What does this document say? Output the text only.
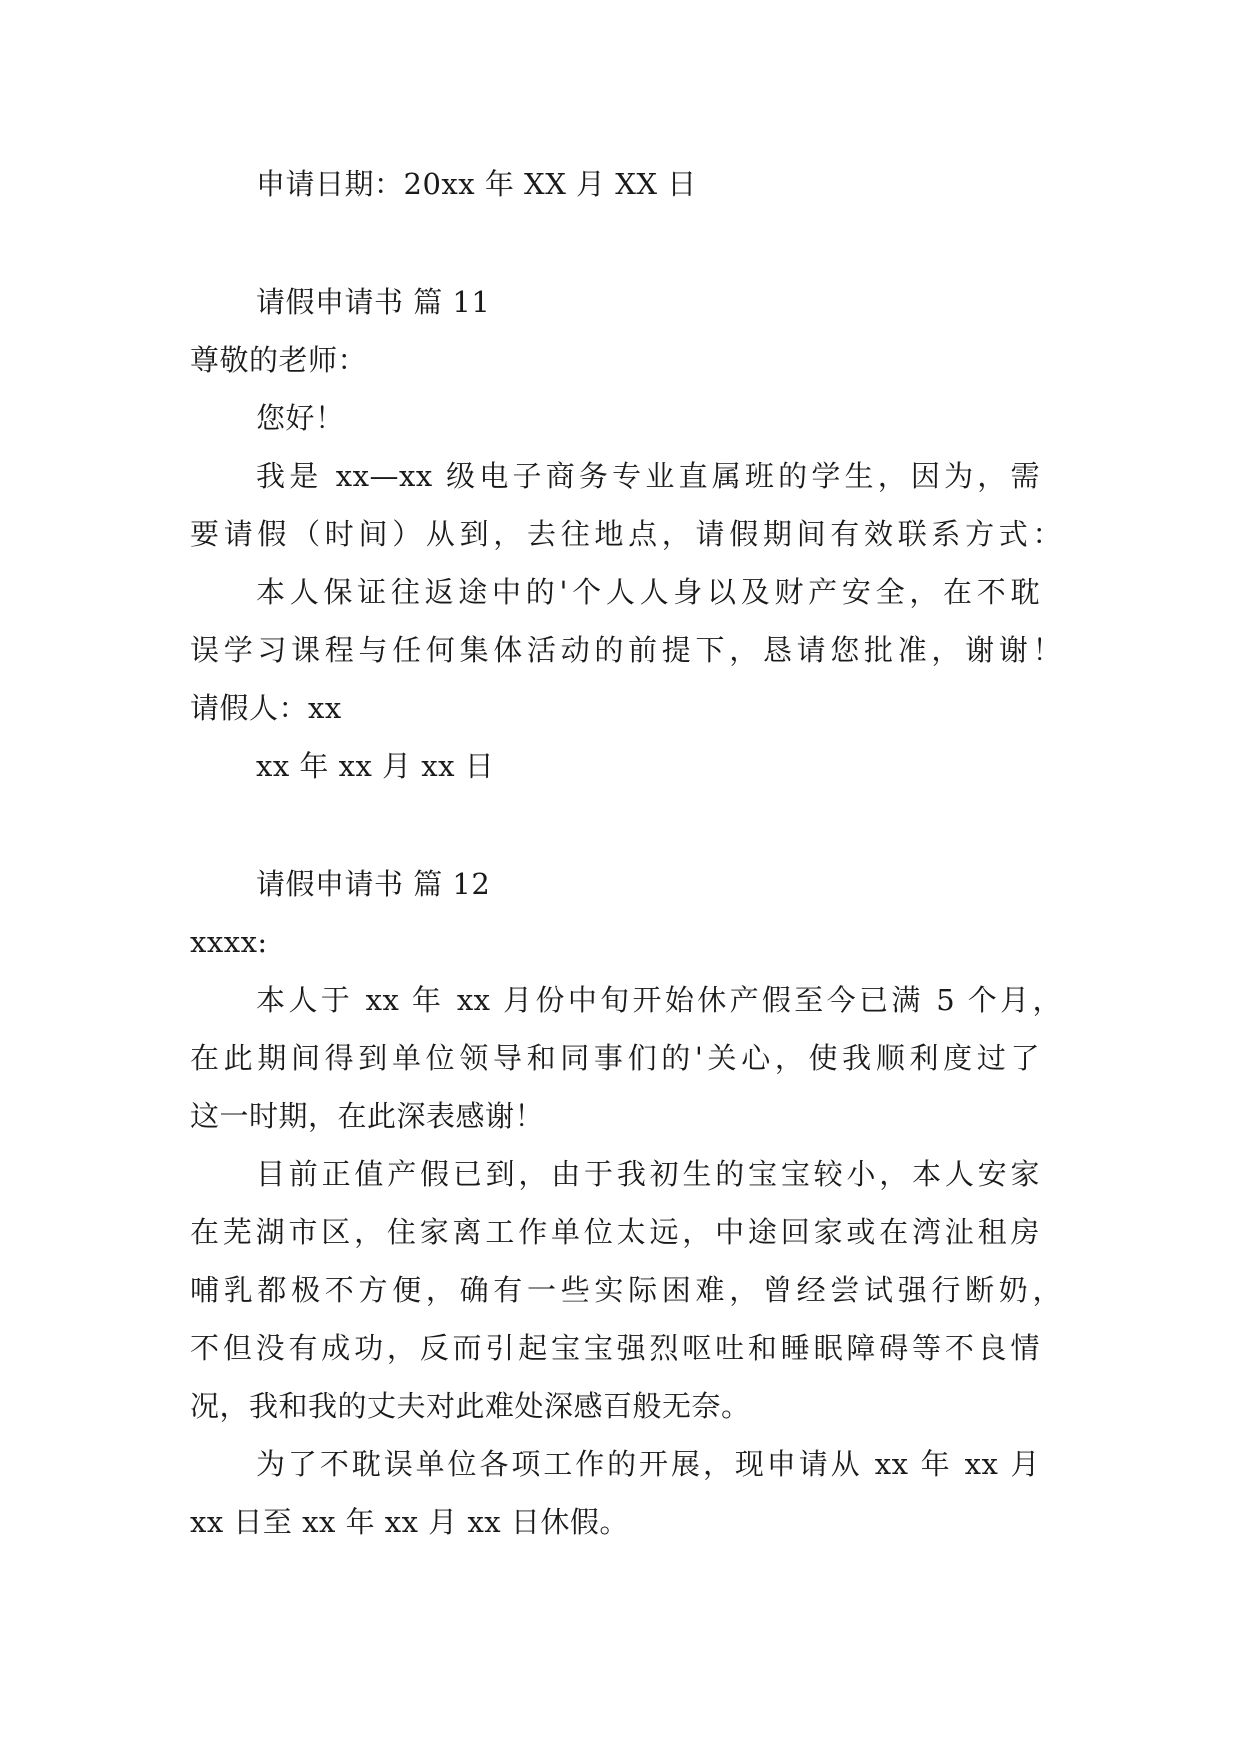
申请日期：20xx 年 XX 月 XX 日
请假申请书 篇 11
尊敬的老师：
您好！
我是 xx—xx 级电子商务专业直属班的学生，因为，需
要请假（时间）从到，去往地点，请假期间有效联系方式：
本人保证往返途中的'个人人身以及财产安全，在不耽
误学习课程与任何集体活动的前提下，恳请您批准，谢谢！
请假人：xx
xx 年 xx 月 xx 日
请假申请书 篇 12
xxxx:
本人于 xx 年 xx 月份中旬开始休产假至今已满 5 个月，
在此期间得到单位领导和同事们的'关心，使我顺利度过了
这一时期，在此深表感谢！
目前正值产假已到，由于我初生的宝宝较小，本人安家
在芜湖市区，住家离工作单位太远，中途回家或在湾沚租房
哺乳都极不方便，确有一些实际困难，曾经尝试强行断奶，
不但没有成功，反而引起宝宝强烈呕吐和睡眠障碍等不良情
况，我和我的丈夫对此难处深感百般无奈。
为了不耽误单位各项工作的开展，现申请从 xx 年 xx 月
xx 日至 xx 年 xx 月 xx 日休假。
